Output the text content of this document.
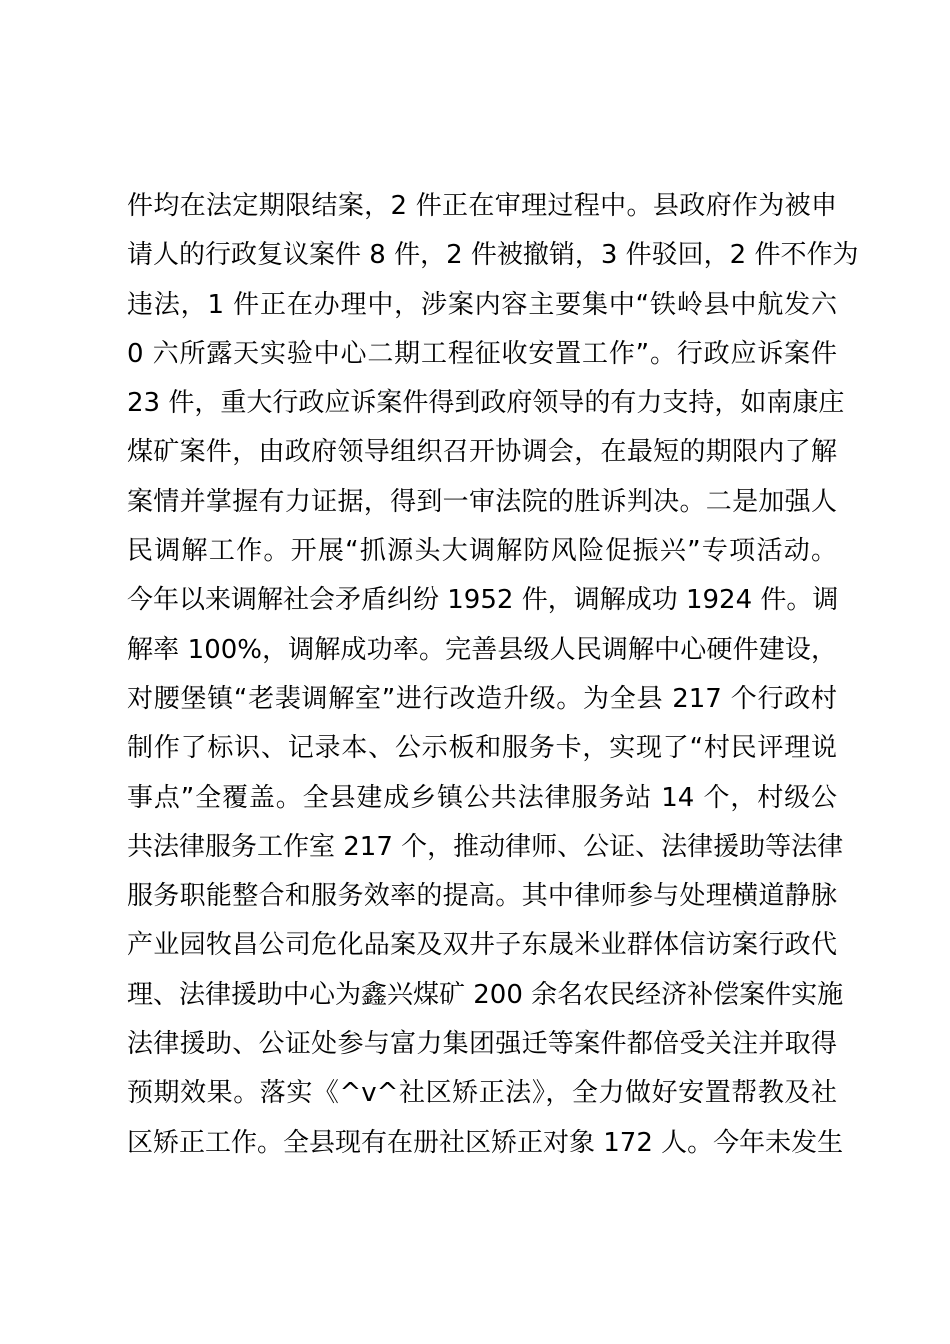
件均在法定期限结案，2 件正在审理过程中。县政府作为被申
请人的行政复议案件 8 件，2 件被撤销，3 件驳回，2 件不作为
违法，1 件正在办理中，涉案内容主要集中“铁岭县中航发六
0 六所露天实验中心二期工程征收安置工作”。行政应诉案件
23 件，重大行政应诉案件得到政府领导的有力支持，如南康庄
煤矿案件，由政府领导组织召开协调会，在最短的期限内了解
案情并掌握有力证据，得到一审法院的胜诉判决。二是加强人
民调解工作。开展“抓源头大调解防风险促振兴”专项活动。
今年以来调解社会矛盾纠纷 1952 件，调解成功 1924 件。调
解率 100%，调解成功率。完善县级人民调解中心硬件建设，
对腰堡镇“老裴调解室”进行改造升级。为全县 217 个行政村
制作了标识、记录本、公示板和服务卡，实现了“村民评理说
事点”全覆盖。全县建成乡镇公共法律服务站 14 个，村级公
共法律服务工作室 217 个，推动律师、公证、法律援助等法律
服务职能整合和服务效率的提高。其中律师参与处理横道静脉
产业园牧昌公司危化品案及双井子东晟米业群体信访案行政代
理、法律援助中心为鑫兴煤矿 200 余名农民经济补偿案件实施
法律援助、公证处参与富力集团强迁等案件都倍受关注并取得
预期效果。落实《^v^社区矫正法》，全力做好安置帮教及社
区矫正工作。全县现有在册社区矫正对象 172 人。今年未发生
